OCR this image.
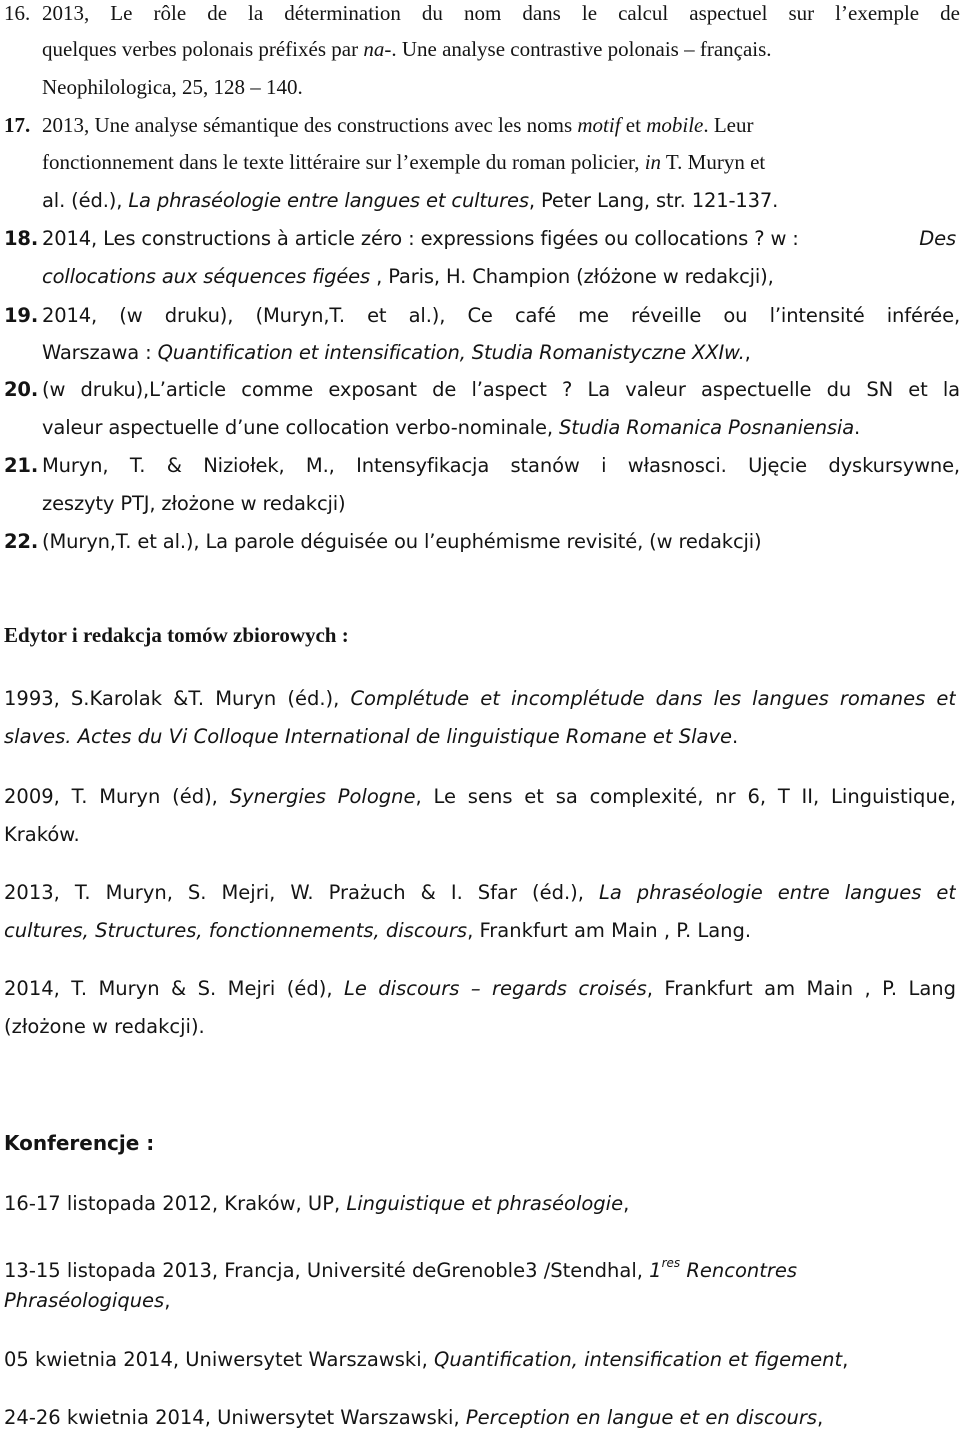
16. 2013, Le rôle de la détermination du nom dans le calcul aspectuel sur l’exemple de
quelques verbes polonais préfixés par na-. Une analyse contrastive polonais – français.
Neophilologica, 25, 128 – 140.
17. 2013, Une analyse sémantique des constructions avec les noms motif et mobile. Leur
fonctionnement dans le texte littéraire sur l’exemple du roman policier, in T. Muryn et
al. (éd.), La phraséologie entre langues et cultures, Peter Lang, str. 121-137.
18. 2014, Les constructions à article zéro : expressions figées ou collocations ? w :	Des
collocations aux séquences figées , Paris, H. Champion (złóżone w redakcji),
19. 2014, (w druku), (Muryn,T. et al.), Ce café me réveille ou l’intensité inférée,
Warszawa : Quantification et intensification, Studia Romanistyczne XXIw.,
20. (w druku),L’article comme exposant de l’aspect ? La valeur aspectuelle du SN et la
valeur aspectuelle d’une collocation verbo-nominale, Studia Romanica Posnaniensia.
21. Muryn, T. & Niziołek, M., Intensyfikacja stanów i własnosci. Ujęcie dyskursywne,
zeszyty PTJ, złożone w redakcji)
22. (Muryn,T. et al.), La parole déguisée ou l’euphémisme revisité, (w redakcji)
Edytor i redakcja tomów zbiorowych :
1993, S.Karolak &T. Muryn (éd.), Complétude et incomplétude dans les langues romanes et
slaves. Actes du Vi Colloque International de linguistique Romane et Slave.
2009, T. Muryn (éd), Synergies Pologne, Le sens et sa complexité, nr 6, T II, Linguistique,
Kraków.
2013, T. Muryn, S. Mejri, W. Prażuch & I. Sfar (éd.), La phraséologie entre langues et
cultures, Structures, fonctionnements, discours, Frankfurt am Main , P. Lang.
2014, T. Muryn & S. Mejri (éd), Le discours – regards croisés, Frankfurt am Main , P. Lang
(złożone w redakcji).
Konferencje :
16-17 listopada 2012, Kraków, UP, Linguistique et phraséologie,
13-15 listopada 2013, Francja, Université deGrenoble3 /Stendhal, 1res Rencontres
Phraséologiques,
05 kwietnia 2014, Uniwersytet Warszawski, Quantification, intensification et figement,
24-26 kwietnia 2014, Uniwersytet Warszawski, Perception en langue et en discours,
